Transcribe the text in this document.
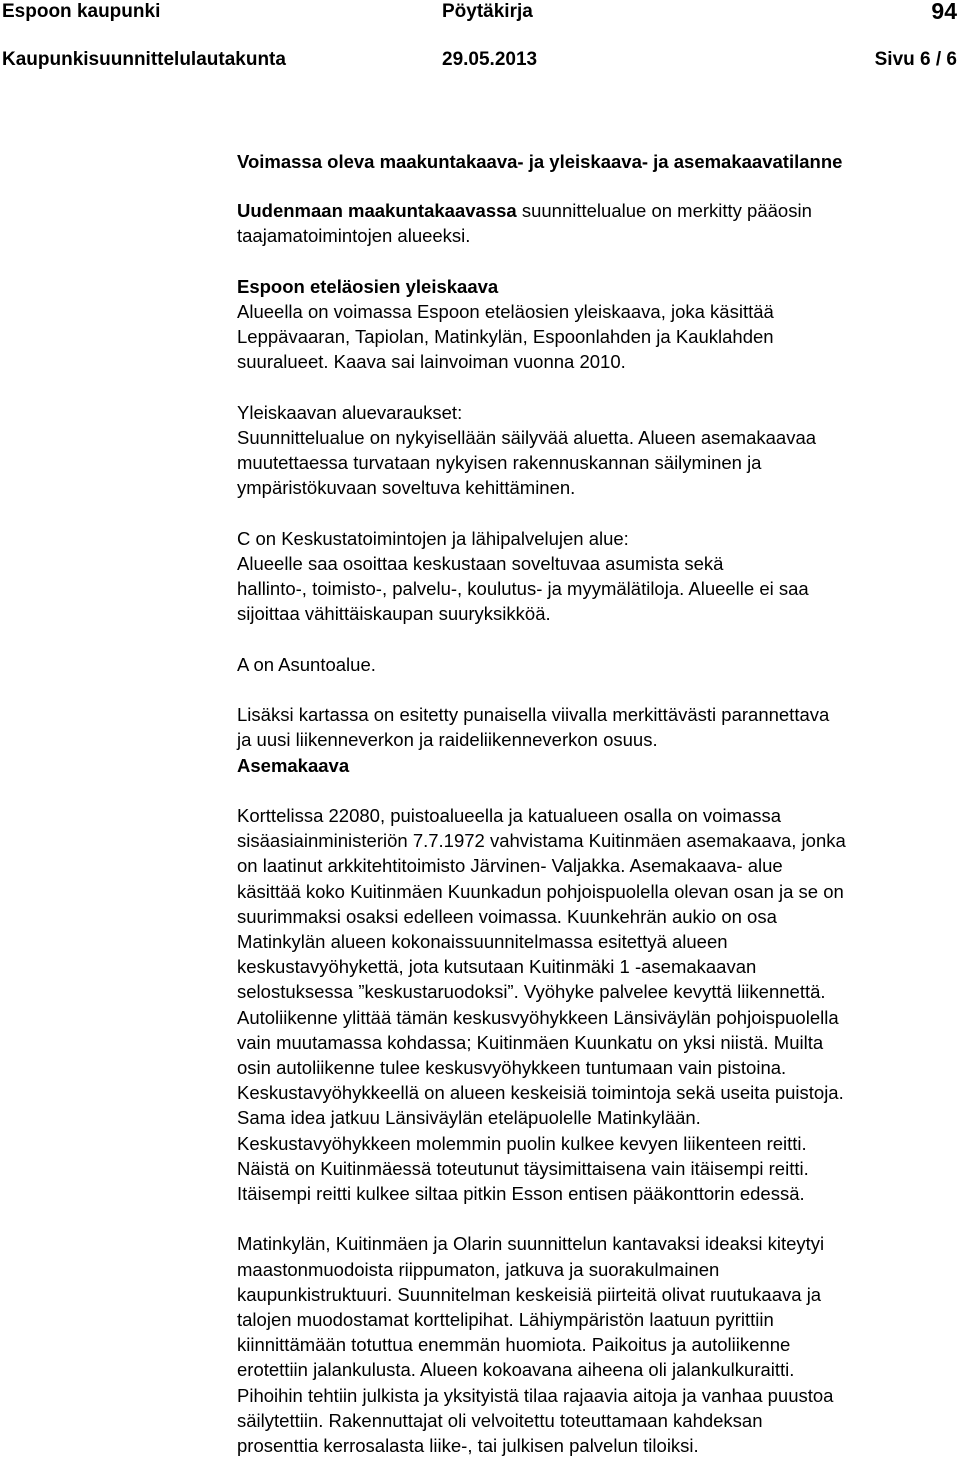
Espoon kaupunki	Pöytäkirja	94
Kaupunkisuunnittelulautakunta	29.05.2013	Sivu 6 / 6

Voimassa oleva maakuntakaava- ja yleiskaava- ja asemakaavatilanne

Uudenmaan maakuntakaavassa suunnittelualue on merkitty pääosin

taajamatoimintojen alueeksi.

Espoon eteläosien yleiskaava

Alueella on voimassa Espoon eteläosien yleiskaava, joka käsittää

Leppävaaran, Tapiolan, Matinkylän, Espoonlahden ja Kauklahden

suuralueet. Kaava sai lainvoiman vuonna 2010.

Yleiskaavan aluevaraukset:

Suunnittelualue on nykyisellään säilyvää aluetta. Alueen asemakaavaa

muutettaessa turvataan nykyisen rakennuskannan säilyminen ja

ympäristökuvaan soveltuva kehittäminen.

C on Keskustatoimintojen ja lähipalvelujen alue:

Alueelle saa osoittaa keskustaan soveltuvaa asumista sekä

hallinto-, toimisto-, palvelu-, koulutus- ja myymälätiloja. Alueelle ei saa

sijoittaa vähittäiskaupan suuryksikköä.

A on Asuntoalue.

Lisäksi kartassa on esitetty punaisella viivalla merkittävästi parannettava

ja uusi liikenneverkon ja raideliikenneverkon osuus.

Asemakaava

Korttelissa 22080, puistoalueella ja katualueen osalla on voimassa

sisäasiainministeriön 7.7.1972 vahvistama Kuitinmäen asemakaava, jonka

on laatinut arkkitehtitoimisto Järvinen- Valjakka. Asemakaava- alue

käsittää koko Kuitinmäen Kuunkadun pohjoispuolella olevan osan ja se on

suurimmaksi osaksi edelleen voimassa. Kuunkehrän aukio on osa

Matinkylän alueen kokonaissuunnitelmassa esitettyä alueen

keskustavyöhykettä, jota kutsutaan Kuitinmäki 1 -asemakaavan

selostuksessa ”keskustaruodoksi”. Vyöhyke palvelee kevyttä liikennettä.

Autoliikenne ylittää tämän keskusvyöhykkeen Länsiväylän pohjoispuolella

vain muutamassa kohdassa; Kuitinmäen Kuunkatu on yksi niistä. Muilta

osin autoliikenne tulee keskusvyöhykkeen tuntumaan vain pistoina.

Keskustavyöhykkeellä on alueen keskeisiä toimintoja sekä useita puistoja.

Sama idea jatkuu Länsiväylän eteläpuolelle Matinkylään.

Keskustavyöhykkeen molemmin puolin kulkee kevyen liikenteen reitti.

Näistä on Kuitinmäessä toteutunut täysimittaisena vain itäisempi reitti.

Itäisempi reitti kulkee siltaa pitkin Esson entisen pääkonttorin edessä.

Matinkylän, Kuitinmäen ja Olarin suunnittelun kantavaksi ideaksi kiteytyi

maastonmuodoista riippumaton, jatkuva ja suorakulmainen

kaupunkistruktuuri. Suunnitelman keskeisiä piirteitä olivat ruutukaava ja

talojen muodostamat korttelipihat. Lähiympäristön laatuun pyrittiin

kiinnittämään totuttua enemmän huomiota. Paikoitus ja autoliikenne

erotettiin jalankulusta. Alueen kokoavana aiheena oli jalankulkuraitti.

Pihoihin tehtiin julkista ja yksityistä tilaa rajaavia aitoja ja vanhaa puustoa

säilytettiin. Rakennuttajat oli velvoitettu toteuttamaan kahdeksan

prosenttia kerrosalasta liike-, tai julkisen palvelun tiloiksi.
